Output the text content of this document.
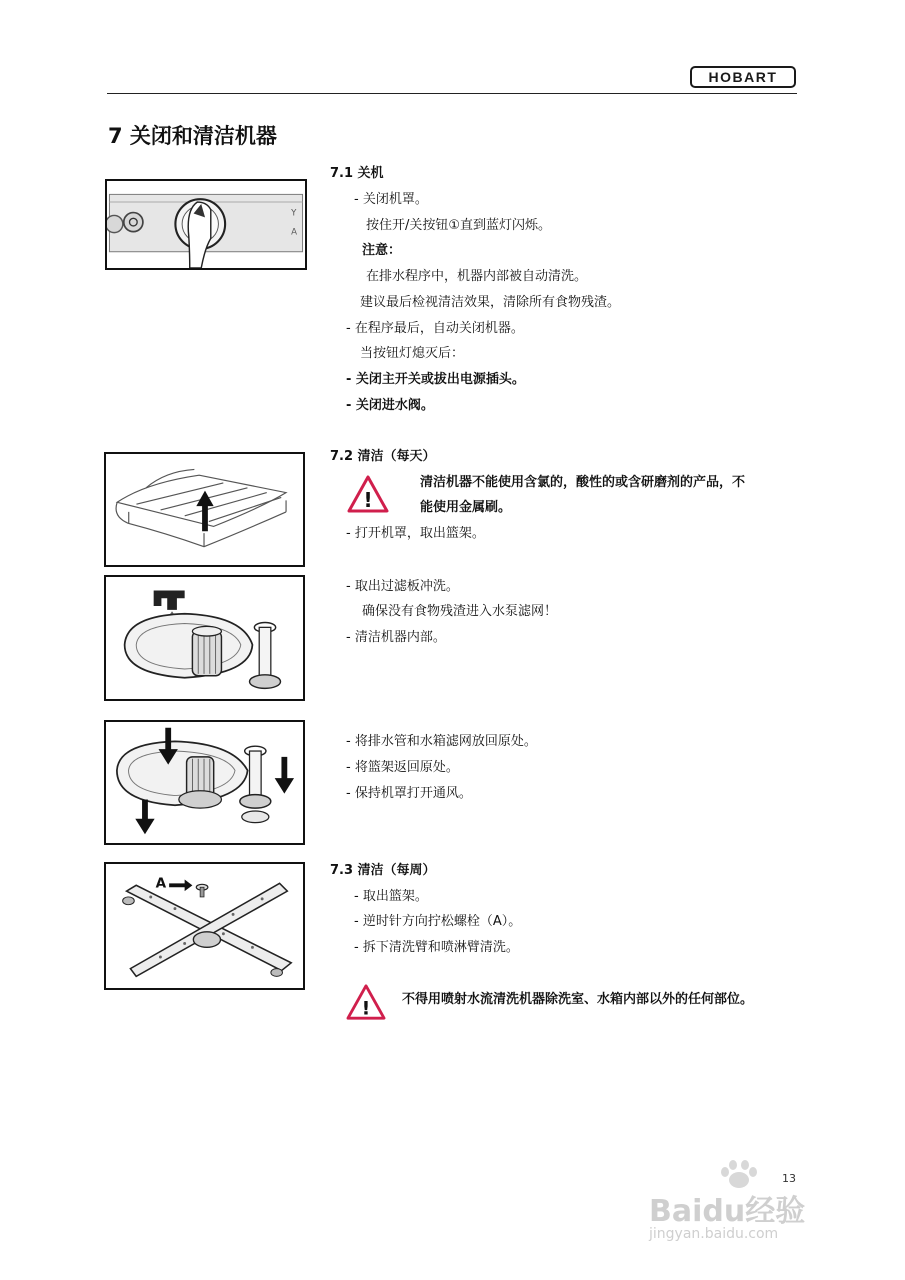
HOBART
7 关闭和清洁机器
7.1 关机
- 关闭机罩。
按住开/关按钮①直到蓝灯闪烁。
注意：
在排水程序中，机器内部被自动清洗。
建议最后检视清洁效果，清除所有食物残渣。
- 在程序最后，自动关闭机器。
当按钮灯熄灭后：
- 关闭主开关或拔出电源插头。
- 关闭进水阀。
Y
A
7.2 清洁（每天）
!
清洁机器不能使用含氯的，酸性的或含研磨剂的产品，不
能使用金属刷。
- 打开机罩，取出篮架。
- 取出过滤板冲洗。
确保没有食物残渣进入水泵滤网！
- 清洁机器内部。
- 将排水管和水箱滤网放回原处。
- 将篮架返回原处。
- 保持机罩打开通风。
7.3 清洁（每周）
- 取出篮架。
- 逆时针方向拧松螺栓（A）。
- 拆下清洗臂和喷淋臂清洗。
A
! 不得用喷射水流清洗机器除洗室、水箱内部以外的任何部位。
13
Baidu经验
jingyan.baidu.com
